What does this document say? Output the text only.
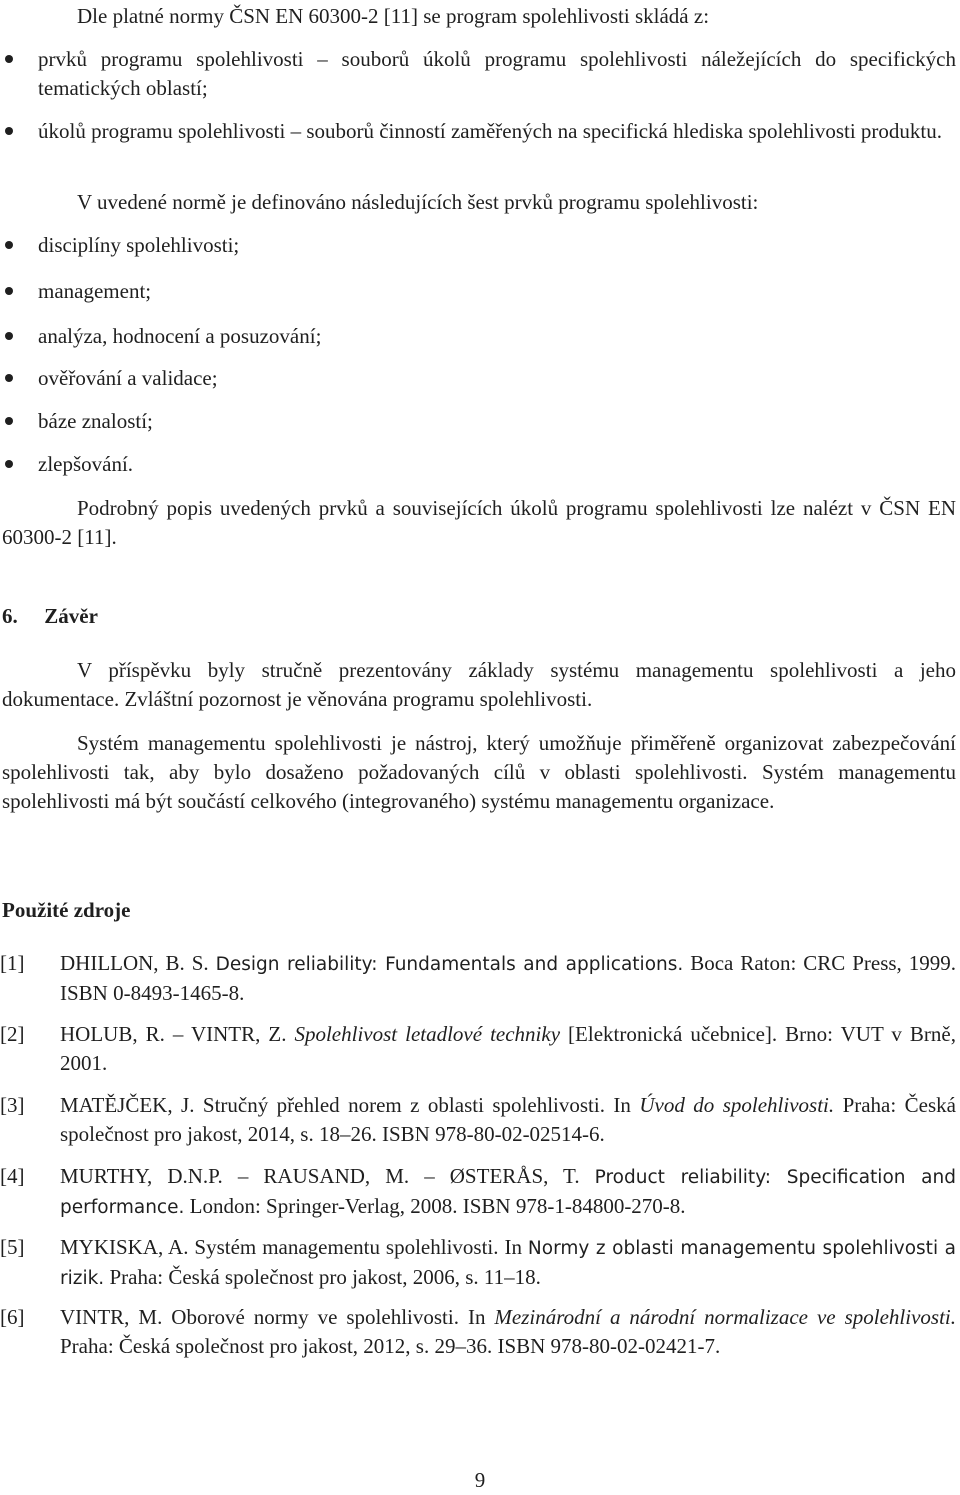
Dle platné normy ČSN EN 60300-2 [11] se program spolehlivosti skládá z:
prvků programu spolehlivosti – souborů úkolů programu spolehlivosti náležejících do specifických tematických oblastí;
úkolů programu spolehlivosti – souborů činností zaměřených na specifická hlediska spolehlivosti produktu.
V uvedené normě je definováno následujících šest prvků programu spolehlivosti:
disciplíny spolehlivosti;
management;
analýza, hodnocení a posuzování;
ověřování a validace;
báze znalostí;
zlepšování.
Podrobný popis uvedených prvků a souvisejících úkolů programu spolehlivosti lze nalézt v ČSN EN 60300-2 [11].
6. Závěr
V příspěvku byly stručně prezentovány základy systému managementu spolehlivosti a jeho dokumentace. Zvláštní pozornost je věnována programu spolehlivosti.
Systém managementu spolehlivosti je nástroj, který umožňuje přiměřeně organizovat zabezpečování spolehlivosti tak, aby bylo dosaženo požadovaných cílů v oblasti spolehlivosti. Systém managementu spolehlivosti má být součástí celkového (integrovaného) systému managementu organizace.
Použité zdroje
[1] DHILLON, B. S. Design reliability: Fundamentals and applications. Boca Raton: CRC Press, 1999. ISBN 0-8493-1465-8.
[2] HOLUB, R. – VINTR, Z. Spolehlivost letadlové techniky [Elektronická učebnice]. Brno: VUT v Brně, 2001.
[3] MATĚJČEK, J. Stručný přehled norem z oblasti spolehlivosti. In Úvod do spolehlivosti. Praha: Česká společnost pro jakost, 2014, s. 18–26. ISBN 978-80-02-02514-6.
[4] MURTHY, D.N.P. – RAUSAND, M. – ØSTERÅS, T. Product reliability: Specification and performance. London: Springer-Verlag, 2008. ISBN 978-1-84800-270-8.
[5] MYKISKA, A. Systém managementu spolehlivosti. In Normy z oblasti managementu spolehlivosti a rizik. Praha: Česká společnost pro jakost, 2006, s. 11–18.
[6] VINTR, M. Oborové normy ve spolehlivosti. In Mezinárodní a národní normalizace ve spolehlivosti. Praha: Česká společnost pro jakost, 2012, s. 29–36. ISBN 978-80-02-02421-7.
9
